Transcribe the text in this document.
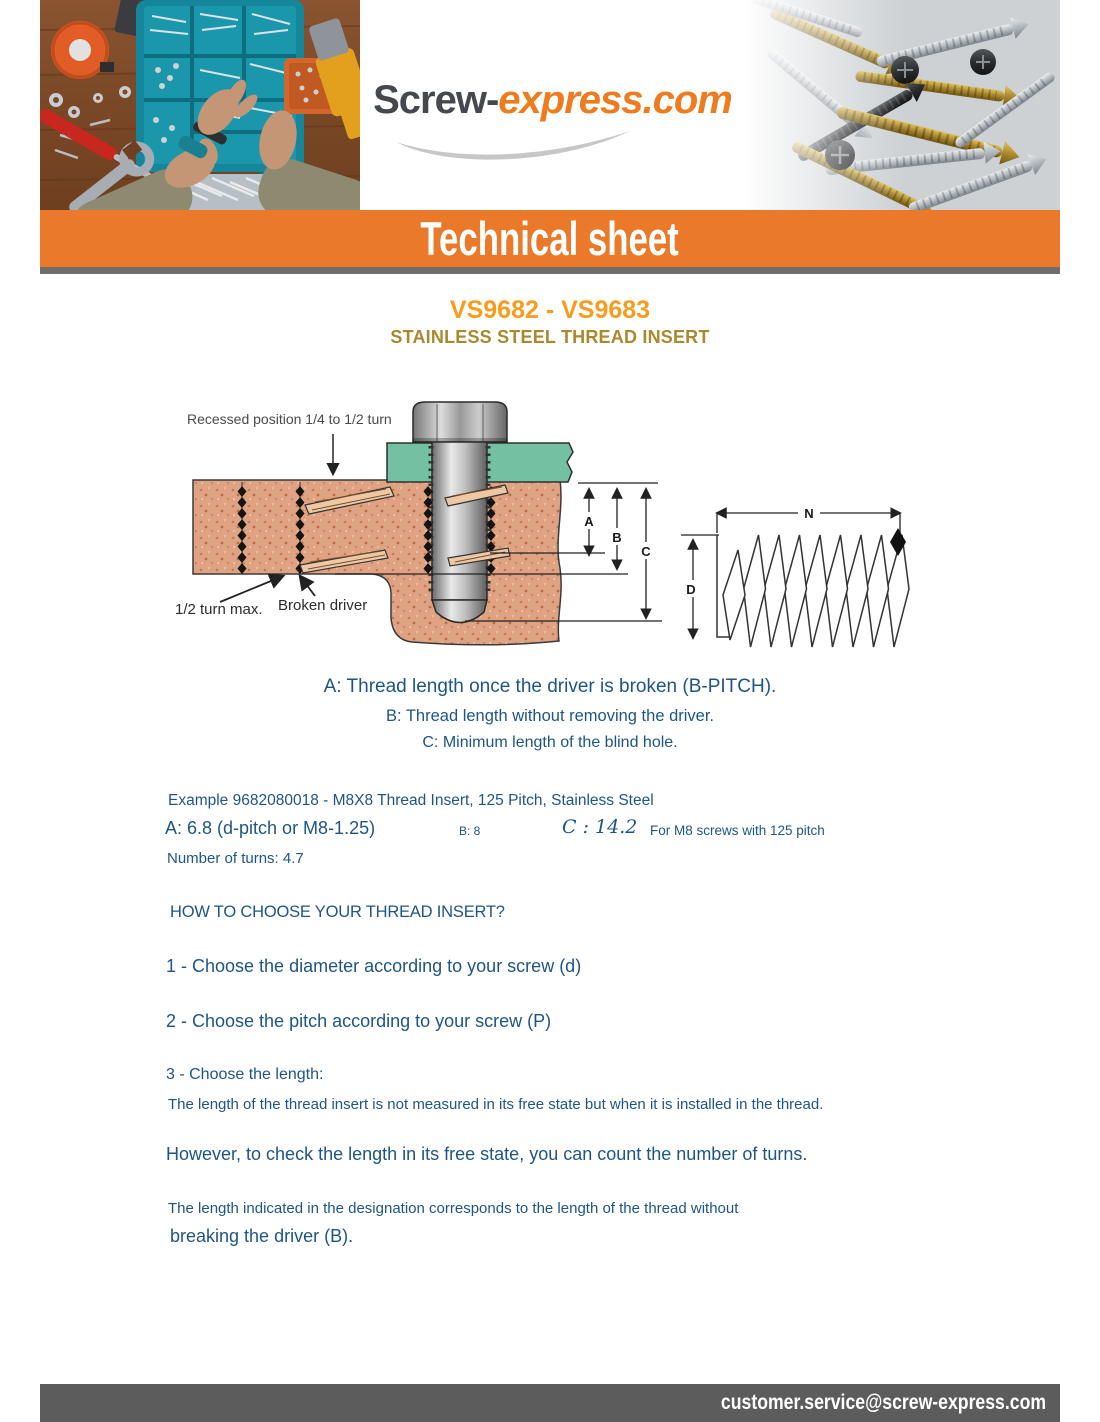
Screw-express.com
Technical sheet
VS9682 - VS9683
STAINLESS STEEL THREAD INSERT
Recessed position 1/4 to 1/2 turn
1/2 turn max. Broken driver
A
B
C
N
D
A: Thread length once the driver is broken (B-PITCH).
B: Thread length without removing the driver.
C: Minimum length of the blind hole.
Example 9682080018 - M8X8 Thread Insert, 125 Pitch, Stainless Steel
A: 6.8 (d-pitch or M8-1.25)	B: 8	C : 14.2 For M8 screws with 125 pitch
Number of turns: 4.7
HOW TO CHOOSE YOUR THREAD INSERT?
1 - Choose the diameter according to your screw (d)
2 - Choose the pitch according to your screw (P)
3 - Choose the length:
The length of the thread insert is not measured in its free state but when it is installed in the thread.
However, to check the length in its free state, you can count the number of turns.
The length indicated in the designation corresponds to the length of the thread without
breaking the driver (B).
customer.service@screw-express.com
